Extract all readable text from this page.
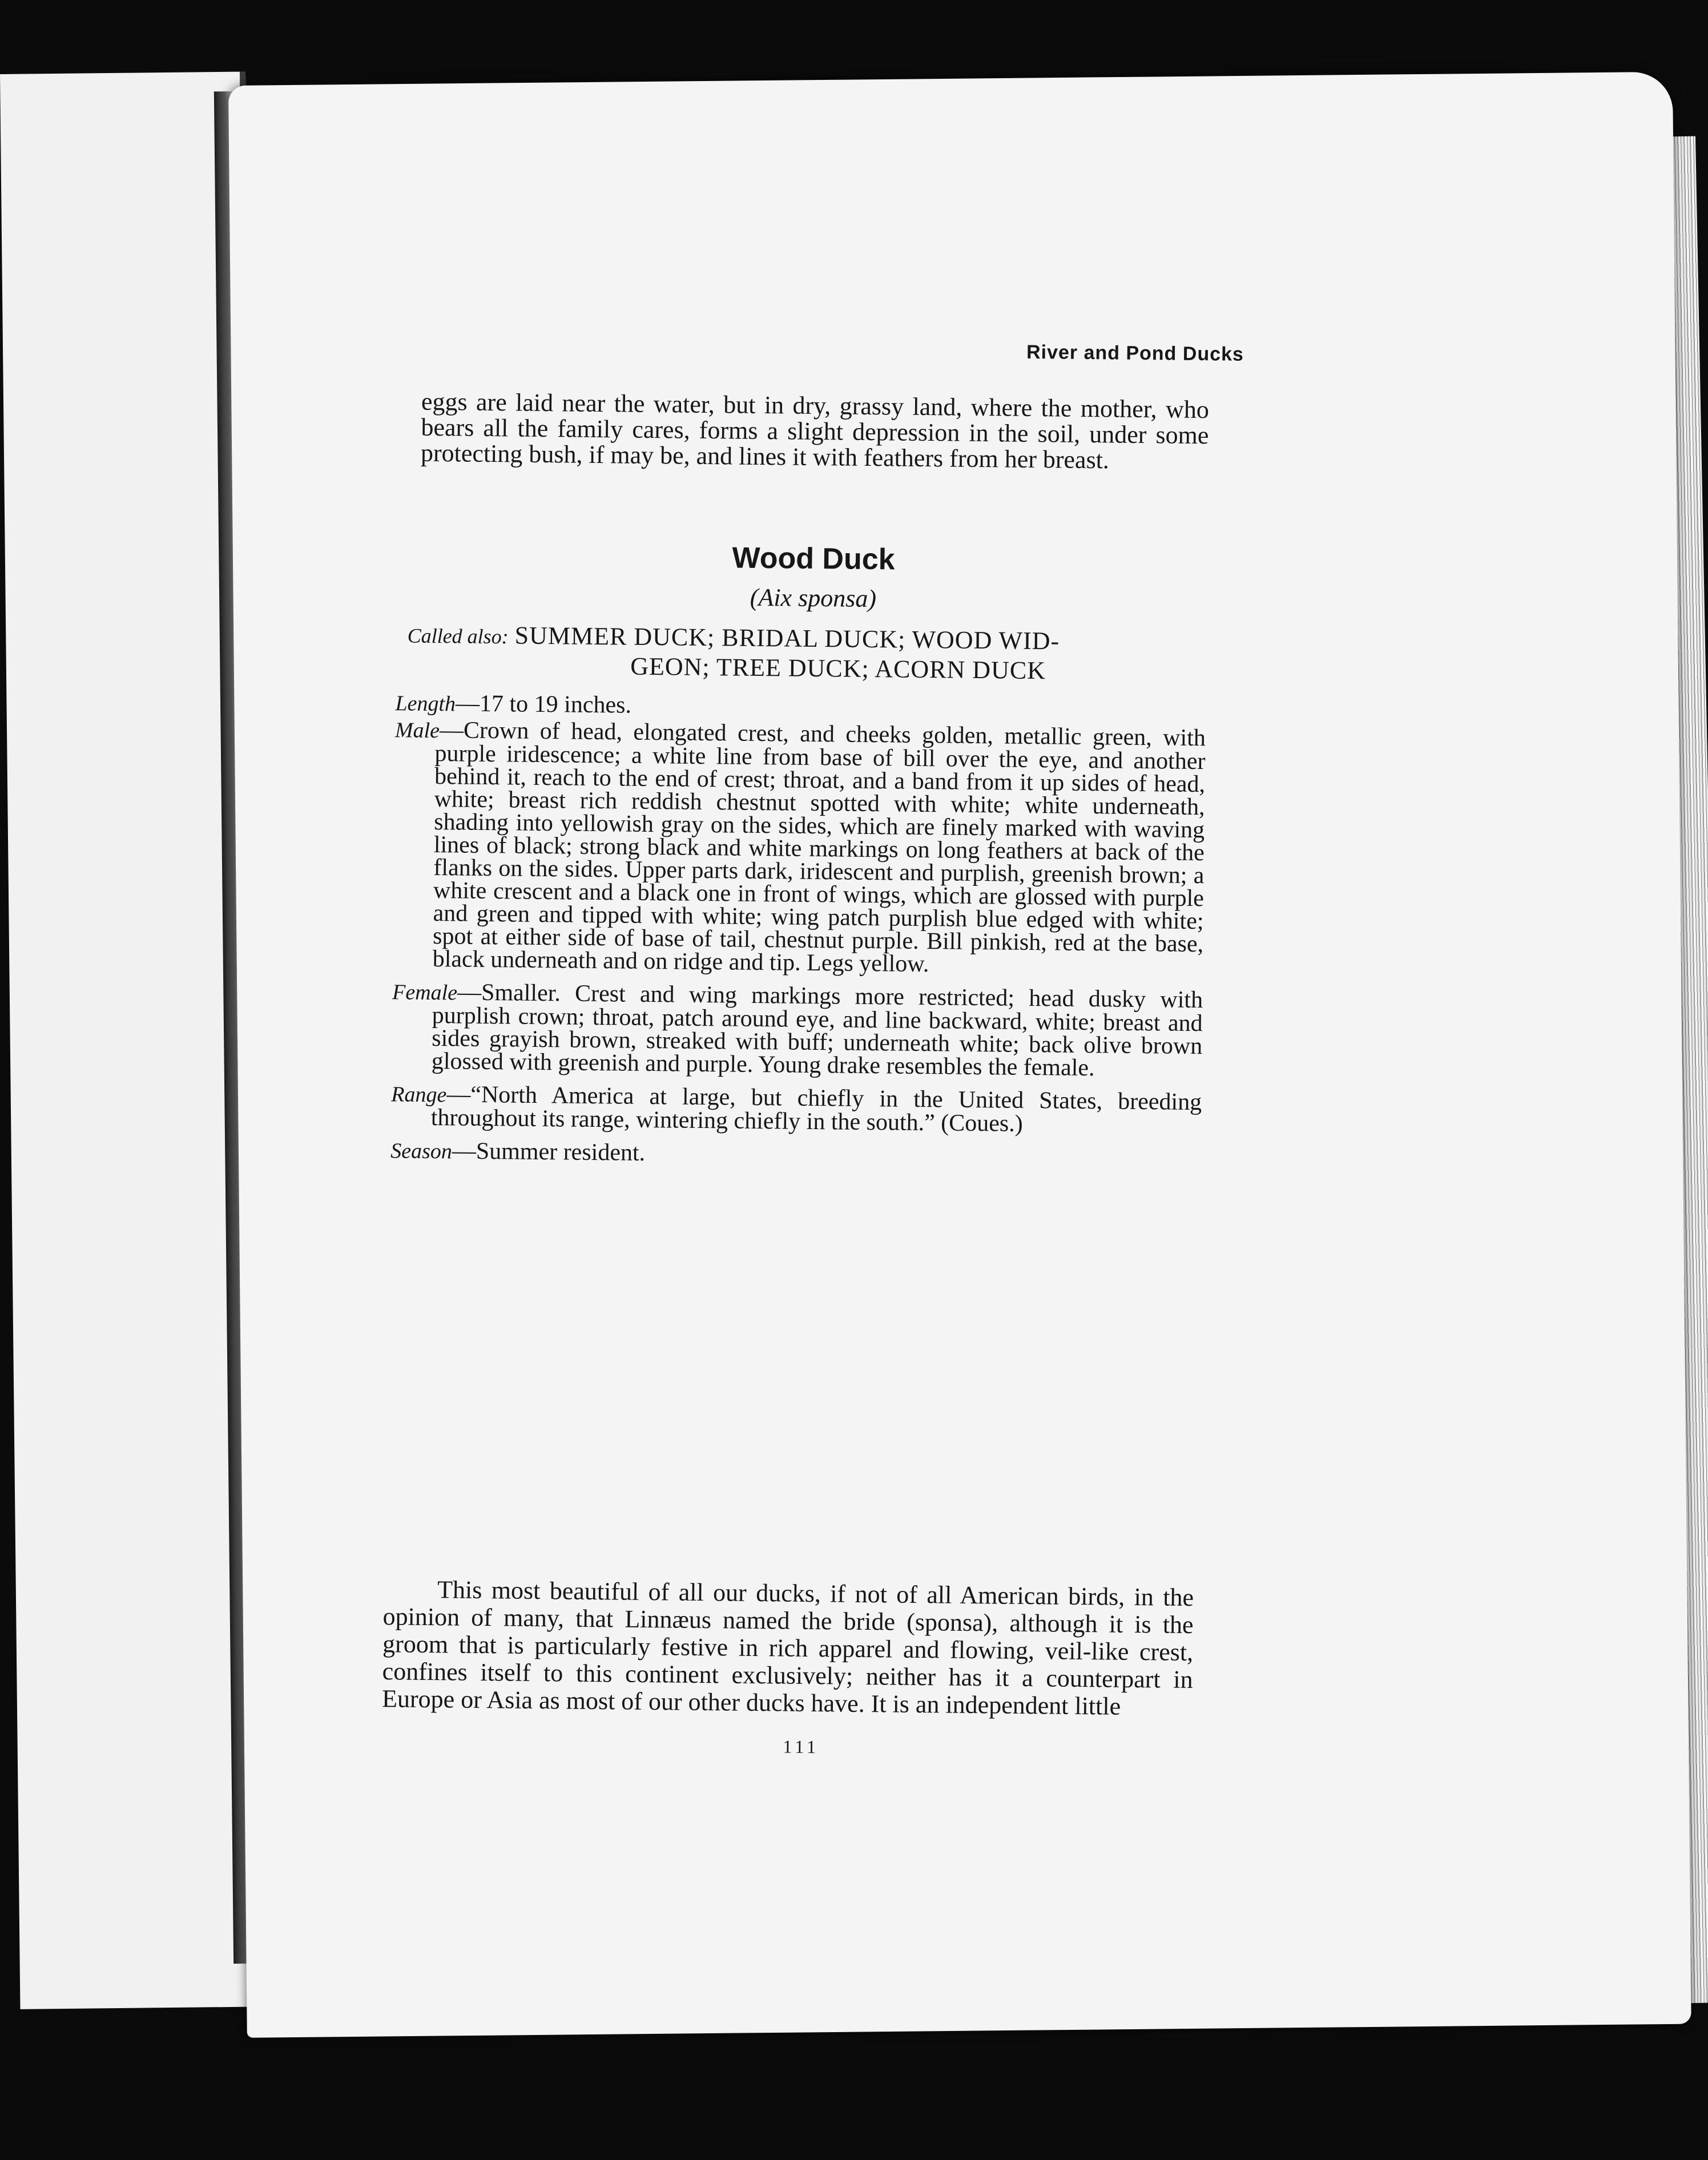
River and Pond Ducks

eggs are laid near the water, but in dry, grassy land, where the mother, who bears all the family cares, forms a slight depression in the soil, under some protecting bush, if may be, and lines it with feathers from her breast.

Wood Duck
(Aix sponsa)
Called also: SUMMER DUCK; BRIDAL DUCK; WOOD WID-
GEON; TREE DUCK; ACORN DUCK

Length—17 to 19 inches.

Male—Crown of head, elongated crest, and cheeks golden, metallic green, with purple iridescence; a white line from base of bill over the eye, and another behind it, reach to the end of crest; throat, and a band from it up sides of head, white; breast rich reddish chestnut spotted with white; white underneath, shading into yellowish gray on the sides, which are finely marked with waving lines of black; strong black and white markings on long feathers at back of the flanks on the sides. Upper parts dark, iridescent and purplish, greenish brown; a white crescent and a black one in front of wings, which are glossed with purple and green and tipped with white; wing patch purplish blue edged with white; spot at either side of base of tail, chestnut purple. Bill pinkish, red at the base, black underneath and on ridge and tip. Legs yellow.

Female—Smaller. Crest and wing markings more restricted; head dusky with purplish crown; throat, patch around eye, and line backward, white; breast and sides grayish brown, streaked with buff; underneath white; back olive brown glossed with greenish and purple. Young drake resembles the female.

Range—“North America at large, but chiefly in the United States, breeding throughout its range, wintering chiefly in the south.” (Coues.)

Season—Summer resident.

This most beautiful of all our ducks, if not of all American birds, in the opinion of many, that Linnæus named the bride (sponsa), although it is the groom that is particularly festive in rich apparel and flowing, veil-like crest, confines itself to this continent exclusively; neither has it a counterpart in Europe or Asia as most of our other ducks have. It is an independent little

111
